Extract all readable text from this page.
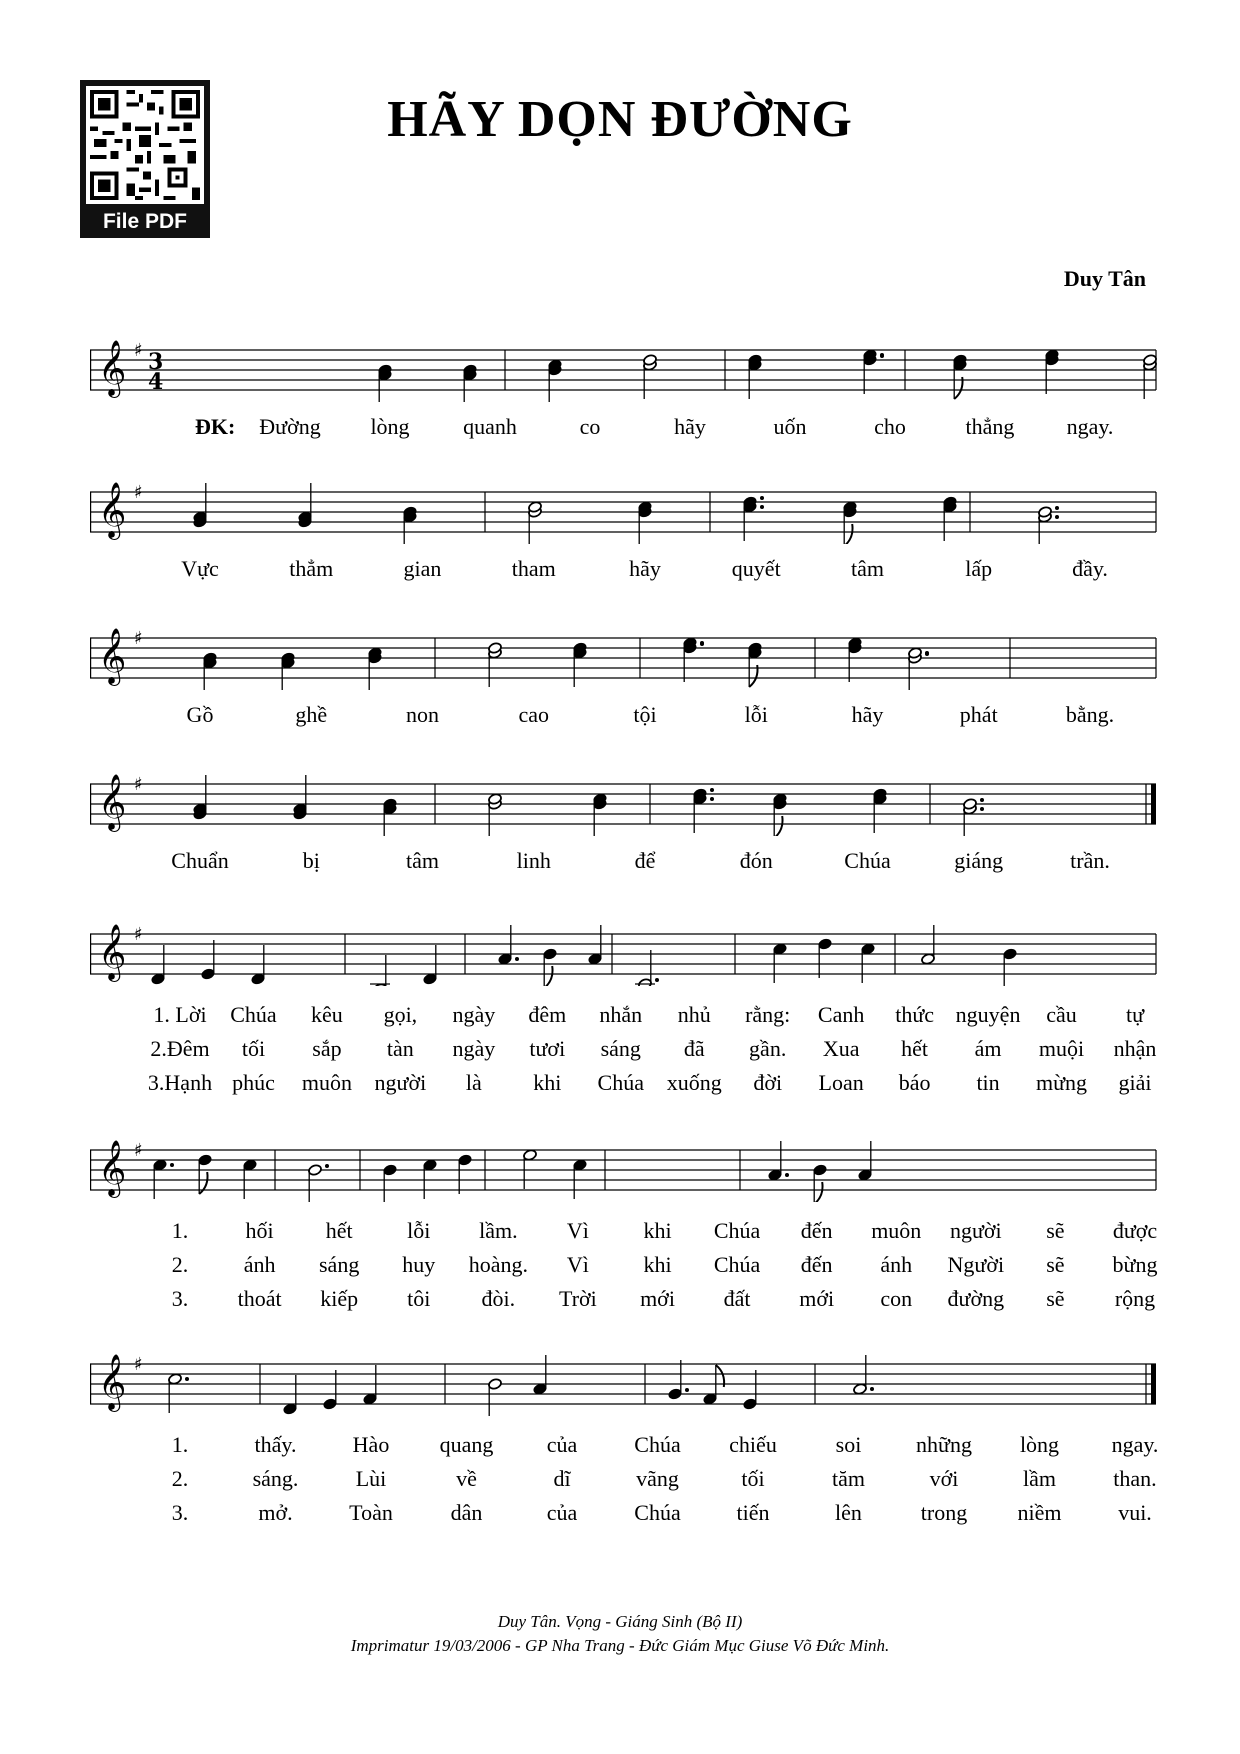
File PDF
HÃY DỌN ĐƯỜNG
Duy Tân
𝄞 ♯ 3
4
ĐK: Đường lòng quanh	co	hãy	uốn	cho	thẳng ngay.
𝄞 ♯
Vực	thẳm	gian	tham	hãy	quyết	tâm	lấp	đầy.
𝄞 ♯
Gồ	ghề	non	cao	tội	lỗi	hãy	phát	bằng.
𝄞 ♯
Chuẩn	bị	tâm	linh	để	đón	Chúa	giáng	trần.
𝄞 ♯
1. Lời Chúa kêu gọi, ngày đêm nhắn nhủ rằng: Canh thức nguyện cầu tự
2.Đêm tối sắp tàn ngày tươi sáng đã gần. Xua hết ám muội nhận
3.Hạnh phúc muôn người là khi Chúa xuống đời Loan báo tin mừng giải
𝄞 ♯
1.	hối hết lỗi lầm. Vì khi Chúa đến muôn người sẽ được
2.	ánh sáng huy hoàng. Vì khi Chúa đến ánh Người sẽ bừng
3. thoát kiếp tôi đòi. Trời mới đất mới con đường sẽ rộng
𝄞 ♯
1.	thấy.	Hào quang của	Chúa chiếu	soi những lòng ngay.
2.	sáng.	Lùi	về	dĩ	vãng	tối	tăm	với	lầm	than.
3.	mở.	Toàn	dân	của	Chúa	tiến	lên	trong niềm	vui.
Duy Tân. Vọng - Giáng Sinh (Bộ II)
Imprimatur 19/03/2006 - GP Nha Trang - Đức Giám Mục Giuse Võ Đức Minh.
